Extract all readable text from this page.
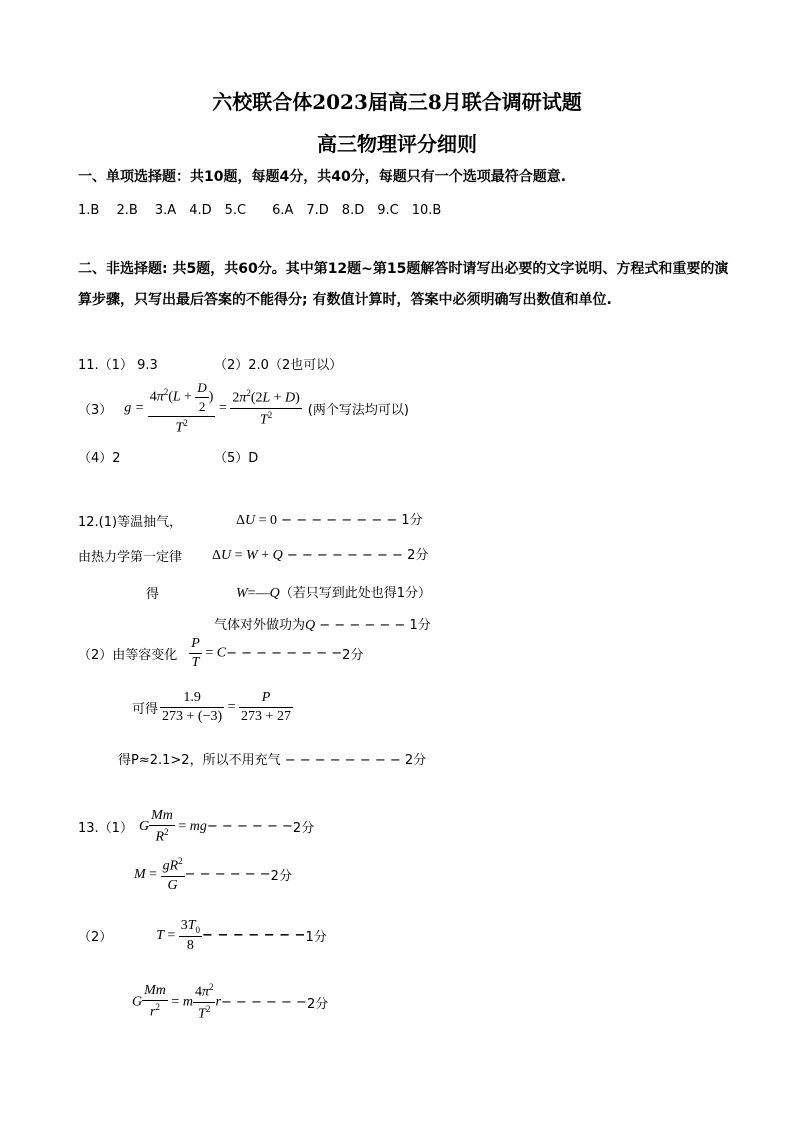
六校联合体2023届高三8月联合调研试题
高三物理评分细则
一、单项选择题：共10题，每题4分，共40分，每题只有一个选项最符合题意.
1.B　 2.B　 3.A　4.D　5.C　　6.A　7.D　8.D　9.C　10.B
二、非选择题: 共5题，共60分。其中第12题~第15题解答时请写出必要的文字说明、方程式和重要的演算步骤，只写出最后答案的不能得分; 有数值计算时，答案中必须明确写出数值和单位.
11.（1） 9.3	（2）2.0（2也可以）
（3） $g = \frac{4\pi^2(L + \frac{D}{2} )}{T^2} = \frac{2\pi^2(2L + D)}{T^2}$ (两个写法均可以)
（4）2	（5）D
12.(1)等温抽气，	ΔU = 0 − − − − − − − − 1分
由热力学第一定律 ΔU = W + Q − − − − − − − − 2分
得	W=—Q（若只写到此处也得1分）
气体对外做功为Q − − − − − − 1分
（2）由等容变化 $\frac{P}{T} = C$ − − − − − − − − 2分
可得 $\frac{1.9}{273 + (-3)} = \frac{P}{273 + 27}$
得P≈2.1>2，所以不用充气 − − − − − − − − 2分
13.（1） G $\frac{Mm}{R^2}$ = mg − − − − − − 2分
$M = \frac{gR^2}{G}$ − − − − − − 2分
（2）	$T = \frac{3T_0}{8}$ − − − − − − − 1分
G $\frac{Mm}{r^2} = m \frac{4\pi^2}{T^2}$ r − − − − − − 2分
